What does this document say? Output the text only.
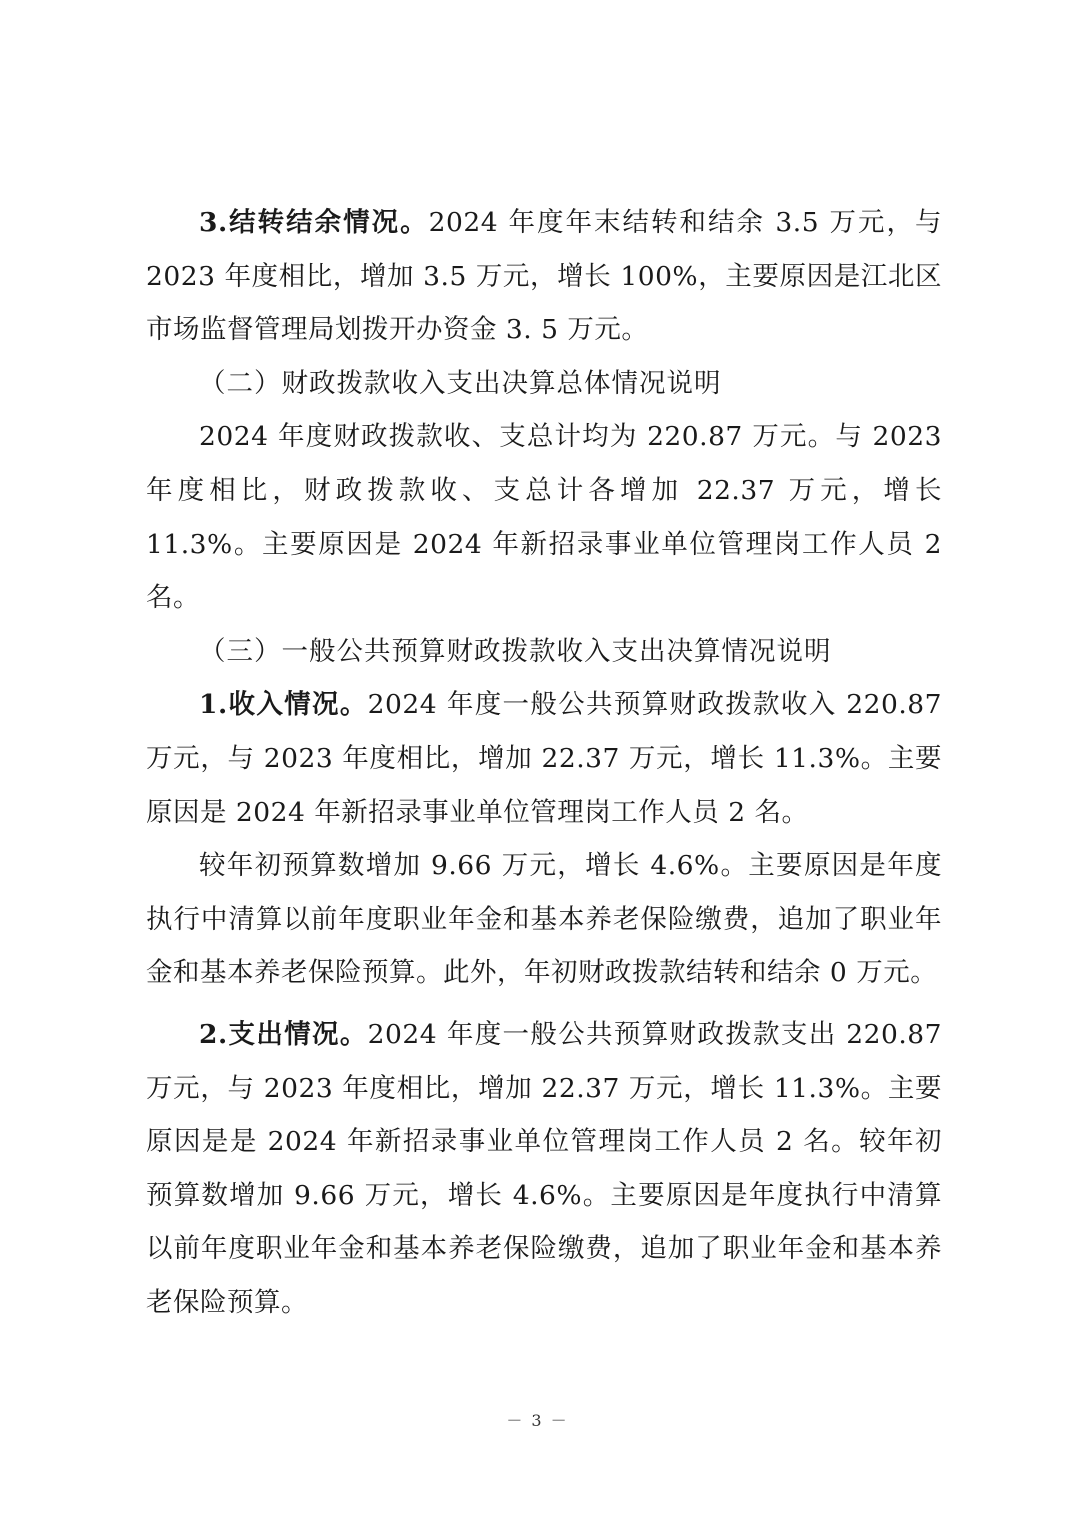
3.结转结余情况。2024 年度年末结转和结余 3.5 万元，与 2023 年度相比，增加 3.5 万元，增长 100%，主要原因是江北区市场监督管理局划拨开办资金 3. 5 万元。

（二）财政拨款收入支出决算总体情况说明

2024 年度财政拨款收、支总计均为 220.87 万元。与 2023 年度相比，财政拨款收、支总计各增加 22.37 万元，增长 11.3%。主要原因是 2024 年新招录事业单位管理岗工作人员 2 名。

（三）一般公共预算财政拨款收入支出决算情况说明

1.收入情况。2024 年度一般公共预算财政拨款收入 220.87 万元，与 2023 年度相比，增加 22.37 万元，增长 11.3%。主要原因是 2024 年新招录事业单位管理岗工作人员 2 名。

较年初预算数增加 9.66 万元，增长 4.6%。主要原因是年度执行中清算以前年度职业年金和基本养老保险缴费，追加了职业年金和基本养老保险预算。此外，年初财政拨款结转和结余 0 万元。

2.支出情况。2024 年度一般公共预算财政拨款支出 220.87 万元，与 2023 年度相比，增加 22.37 万元，增长 11.3%。主要原因是是 2024 年新招录事业单位管理岗工作人员 2 名。较年初预算数增加 9.66 万元，增长 4.6%。主要原因是年度执行中清算以前年度职业年金和基本养老保险缴费，追加了职业年金和基本养老保险预算。

－ 3 －
